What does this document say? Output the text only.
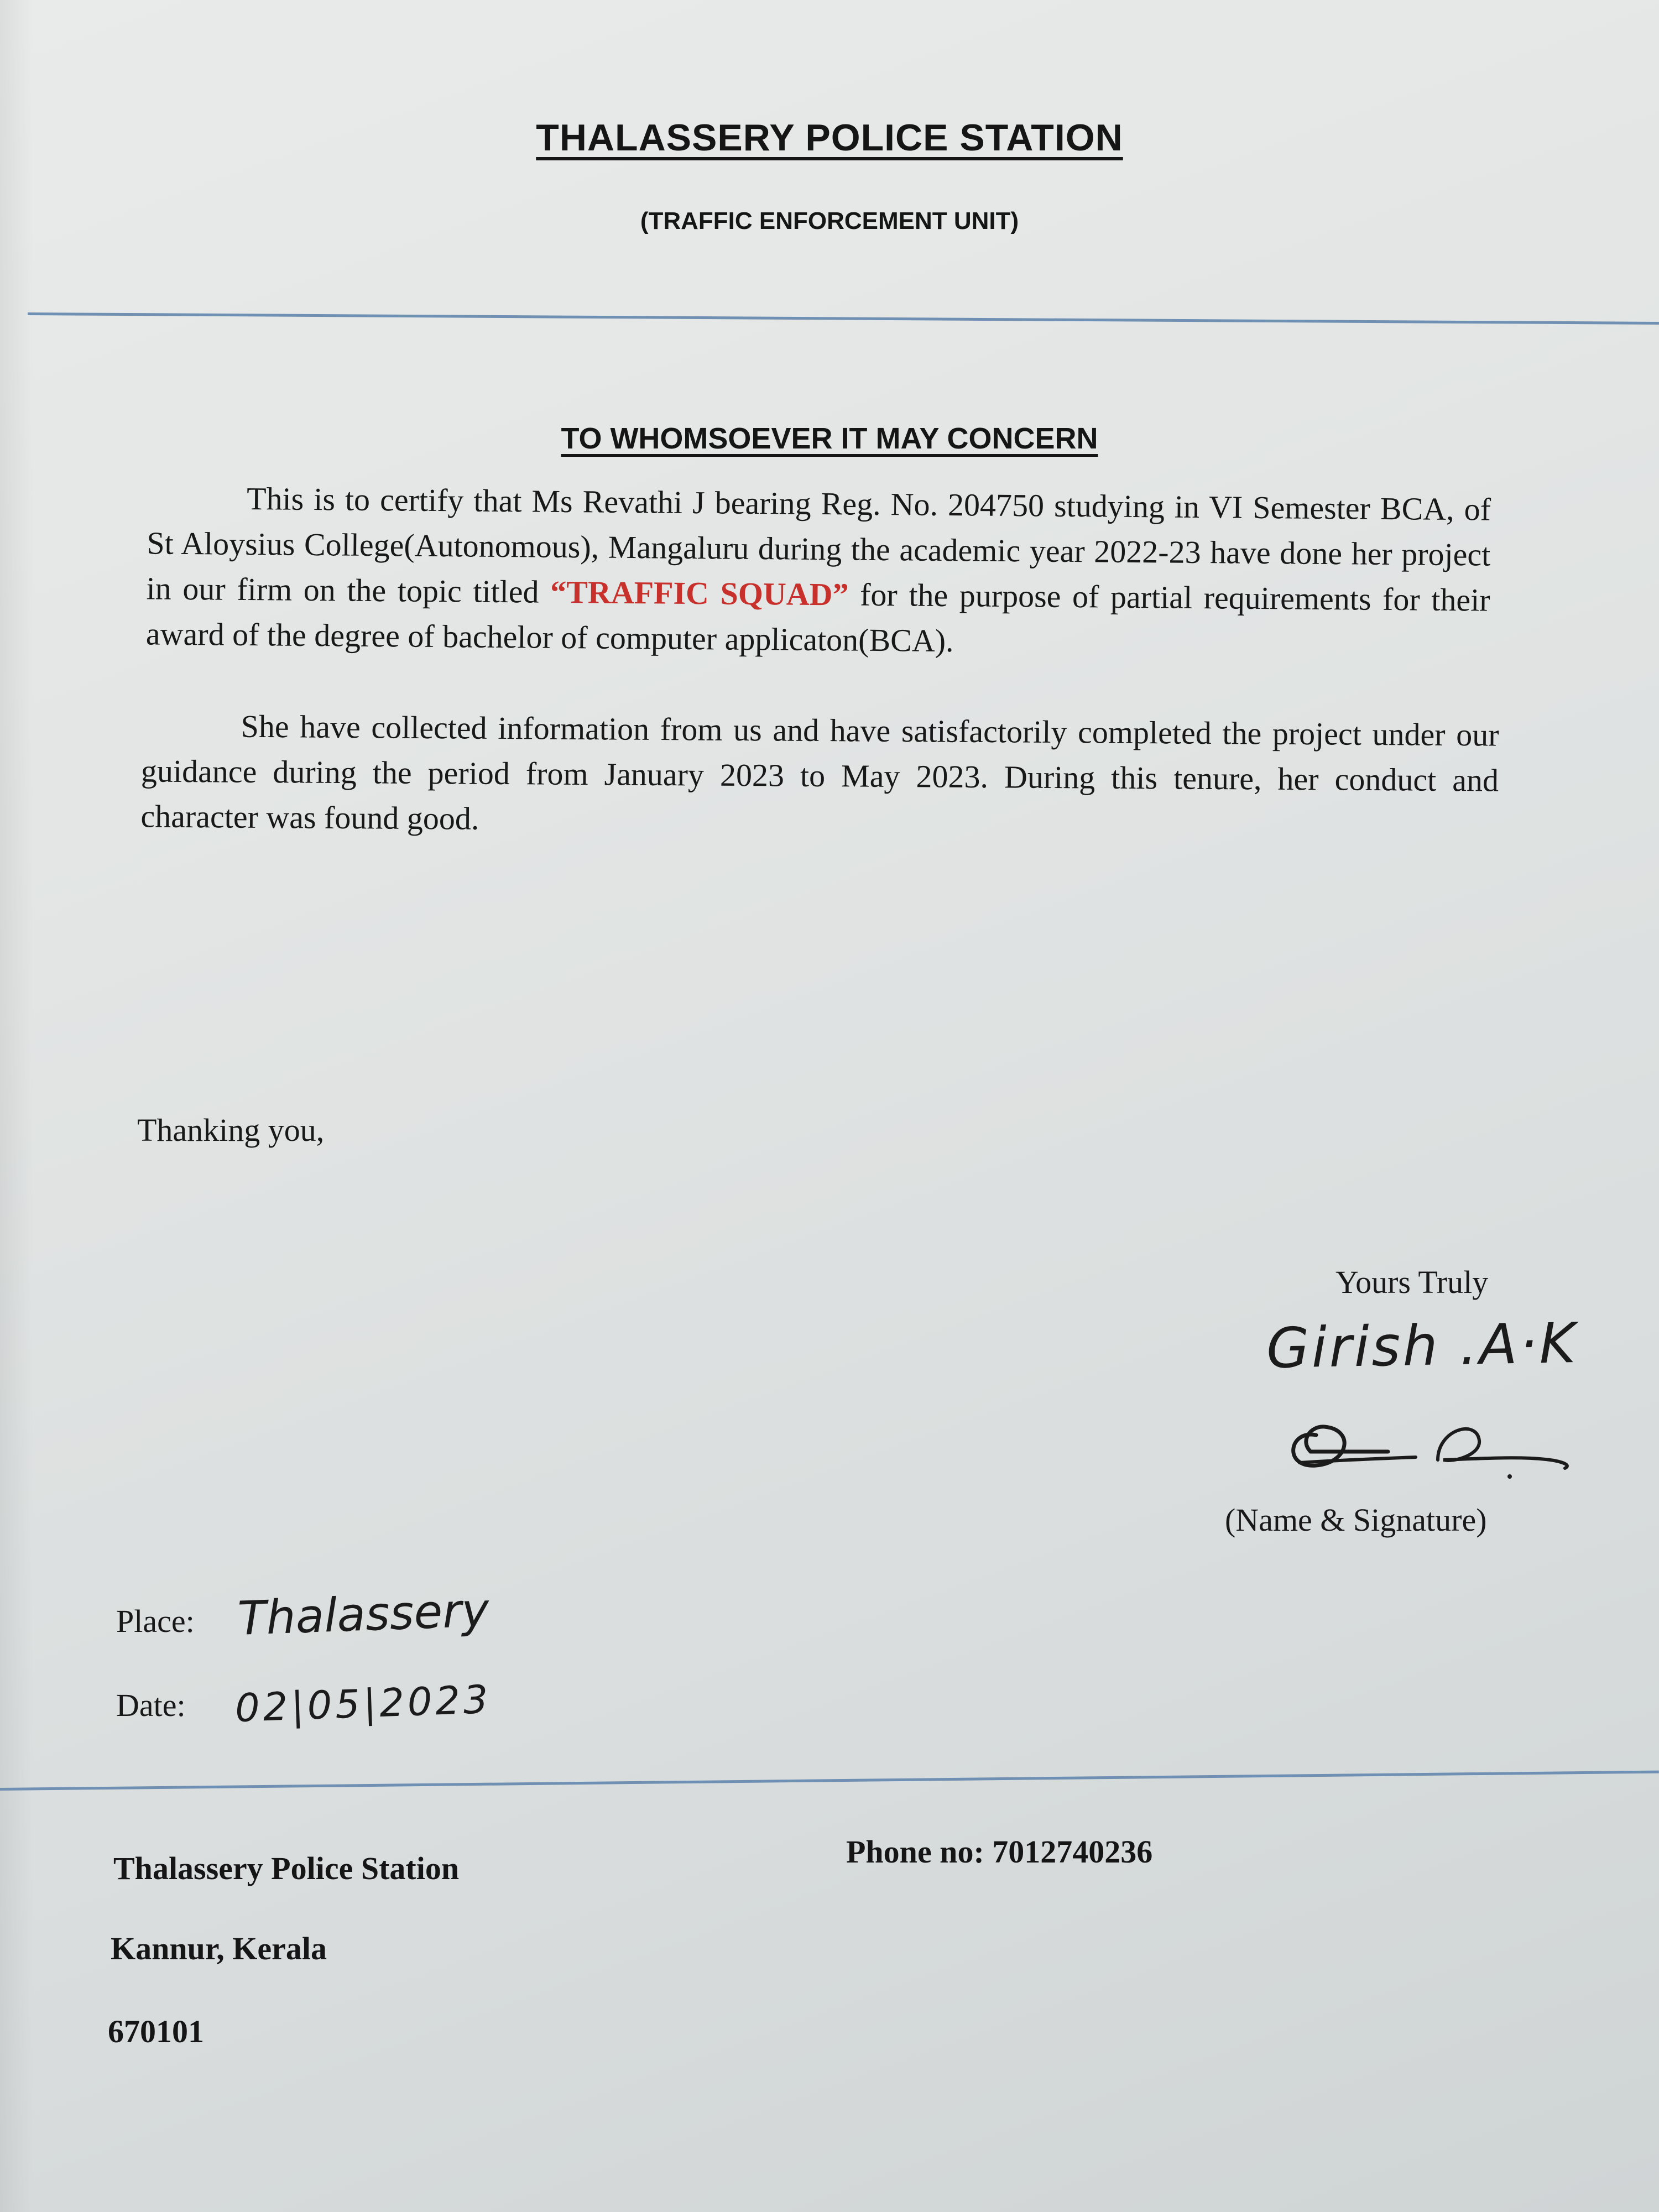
THALASSERY POLICE STATION
(TRAFFIC ENFORCEMENT UNIT)
TO WHOMSOEVER IT MAY CONCERN
This is to certify that Ms Revathi J bearing Reg. No. 204750 studying in VI Semester BCA, of St Aloysius College(Autonomous), Mangaluru during the academic year 2022-23 have done her project in our firm on the topic titled “TRAFFIC SQUAD” for the purpose of partial requirements for their award of the degree of bachelor of computer applicaton(BCA).
She have collected information from us and have satisfactorily completed the project under our guidance during the period from January 2023 to May 2023. During this tenure, her conduct and character was found good.
Thanking you,
Yours Truly
Girish .A·K
(Name & Signature)
Place: Thalassery
Date: 02|05|2023
Thalassery Police Station
Kannur, Kerala
670101
Phone no: 7012740236
